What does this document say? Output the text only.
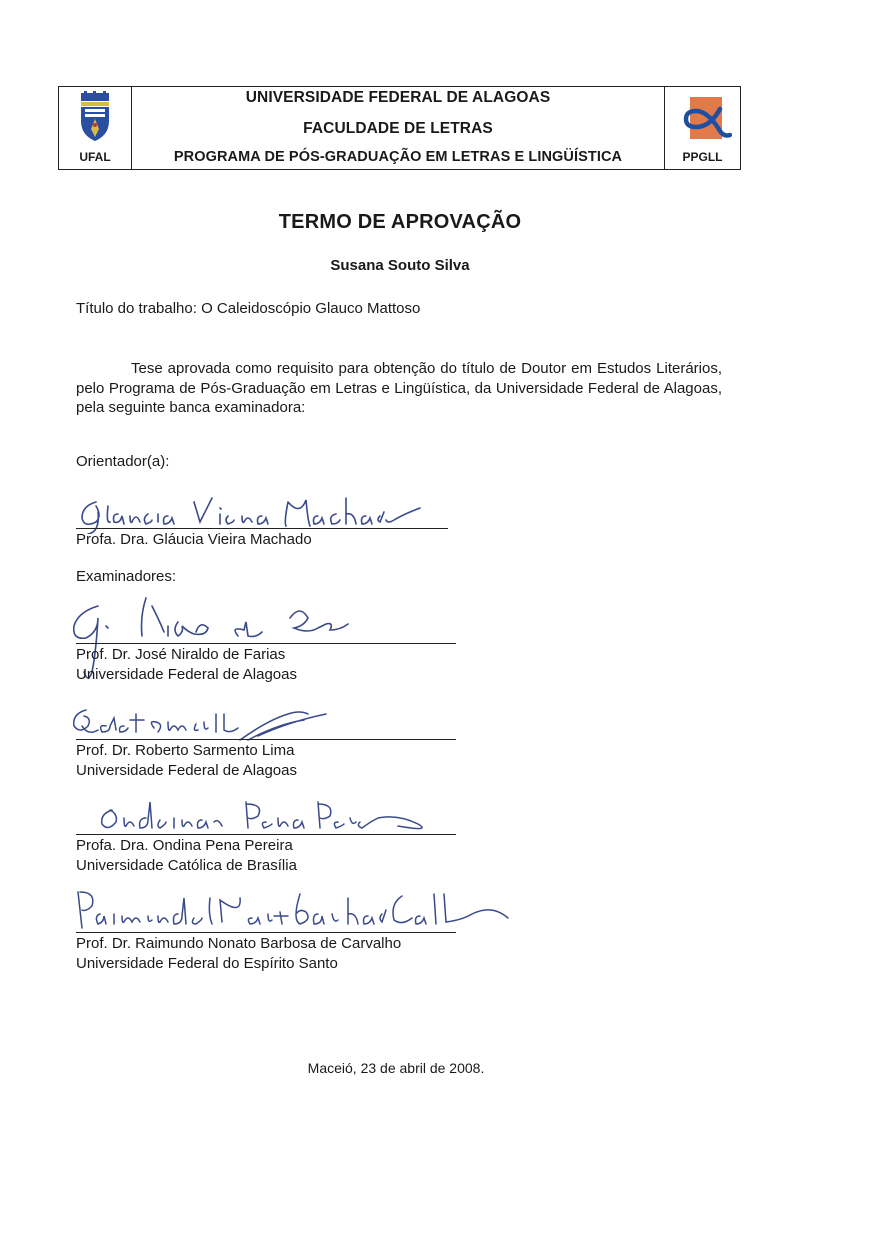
UFAL
UNIVERSIDADE FEDERAL DE ALAGOAS
FACULDADE DE LETRAS
PROGRAMA DE PÓS-GRADUAÇÃO EM LETRAS E LINGÜÍSTICA	PPGLL
TERMO DE APROVAÇÃO
Susana Souto Silva
Título do trabalho: O Caleidoscópio Glauco Mattoso
Tese aprovada como requisito para obtenção do título de Doutor em Estudos Literários, pelo Programa de Pós-Graduação em Letras e Lingüística, da Universidade Federal de Alagoas, pela seguinte banca examinadora:
Orientador(a):
Profa. Dra. Gláucia Vieira Machado
Examinadores:
Prof. Dr. José Niraldo de Farias
Universidade Federal de Alagoas
Prof. Dr. Roberto Sarmento Lima
Universidade Federal de Alagoas
Profa. Dra. Ondina Pena Pereira
Universidade Católica de Brasília
Prof. Dr. Raimundo Nonato Barbosa de Carvalho
Universidade Federal do Espírito Santo
Maceió, 23 de abril de 2008.
